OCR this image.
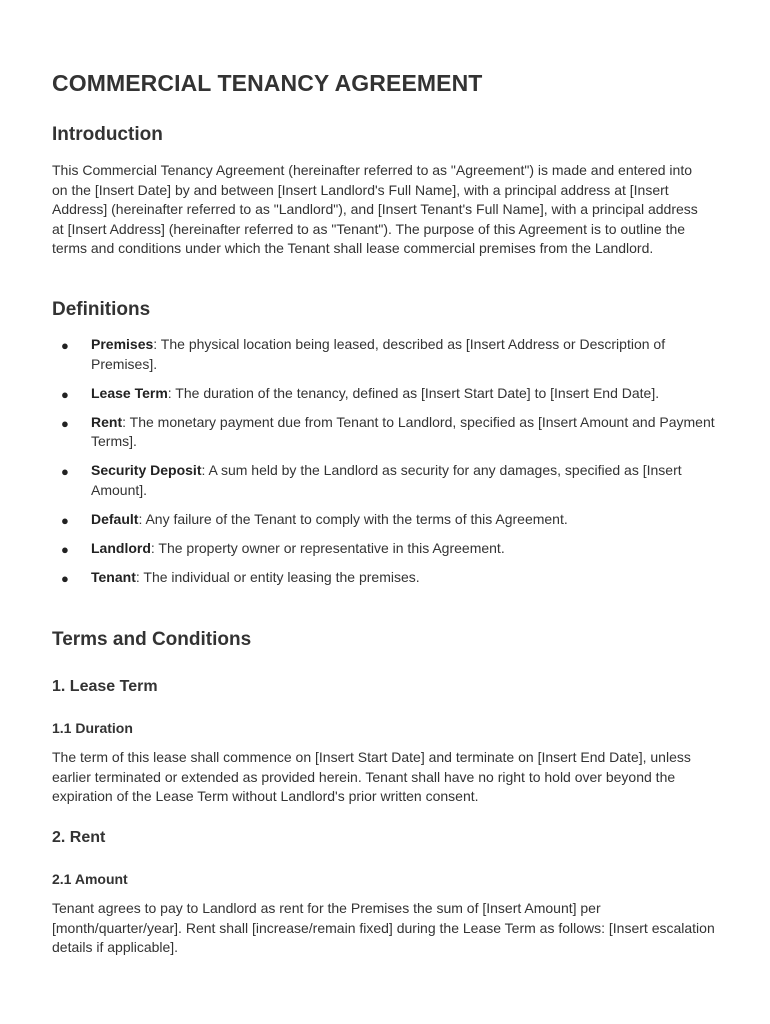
COMMERCIAL TENANCY AGREEMENT
Introduction

This Commercial Tenancy Agreement (hereinafter referred to as "Agreement") is made and entered into on the [Insert Date] by and between [Insert Landlord's Full Name], with a principal address at [Insert Address] (hereinafter referred to as "Landlord"), and [Insert Tenant's Full Name], with a principal address at [Insert Address] (hereinafter referred to as "Tenant"). The purpose of this Agreement is to outline the terms and conditions under which the Tenant shall lease commercial premises from the Landlord.

Definitions
● Premises: The physical location being leased, described as [Insert Address or Description of Premises].
● Lease Term: The duration of the tenancy, defined as [Insert Start Date] to [Insert End Date].
● Rent: The monetary payment due from Tenant to Landlord, specified as [Insert Amount and Payment Terms].
● Security Deposit: A sum held by the Landlord as security for any damages, specified as [Insert Amount].
● Default: Any failure of the Tenant to comply with the terms of this Agreement.
● Landlord: The property owner or representative in this Agreement.
● Tenant: The individual or entity leasing the premises.
Terms and Conditions
1. Lease Term
1.1 Duration

The term of this lease shall commence on [Insert Start Date] and terminate on [Insert End Date], unless earlier terminated or extended as provided herein. Tenant shall have no right to hold over beyond the expiration of the Lease Term without Landlord's prior written consent.

2. Rent
2.1 Amount

Tenant agrees to pay to Landlord as rent for the Premises the sum of [Insert Amount] per [month/quarter/year]. Rent shall [increase/remain fixed] during the Lease Term as follows: [Insert escalation details if applicable].
